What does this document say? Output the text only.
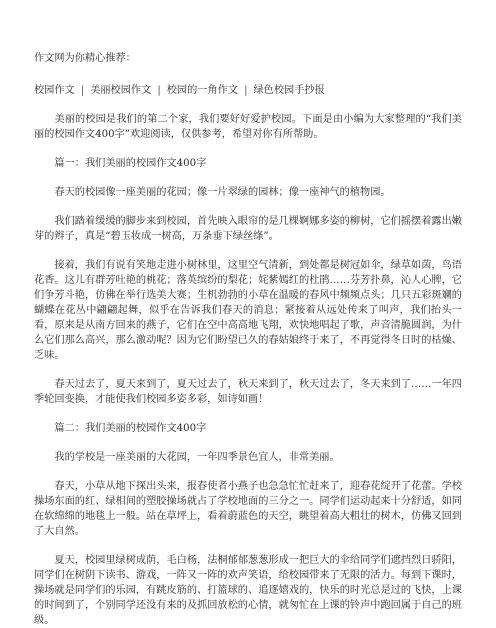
作文网为你精心推荐：

校园作文 | 美丽校园作文 | 校园的一角作文 | 绿色校园手抄报

美丽的校园是我们的第二个家，我们要好好爱护校园。下面是由小编为大家整理的“我们美丽的校园作文400字”欢迎阅读，仅供参考，希望对你有所帮助。

篇一：我们美丽的校园作文400字

春天的校园像一座美丽的花园；像一片翠绿的园林；像一座神气的植物园。

我们踏着缓缓的脚步来到校园，首先映入眼帘的是几棵婀娜多姿的柳树，它们摇摆着露出嫩芽的辫子，真是“碧玉妆成一树高，万条垂下绿丝绦”。

接着，我们有说有笑地走进小树林里，这里空气清新，到处都是树冠如伞，绿草如茵，鸟语花香。这儿有群芳吐艳的桃花；落英缤纷的梨花；姹紫嫣红的杜鹃……芬芳扑鼻，沁人心脾，它们争芳斗艳，仿佛在举行选美大赛；生机勃勃的小草在温暖的春风中频频点头；几只五彩斑斓的蝴蝶在花丛中翩翩起舞，似乎在告诉我们春天的消息；紧接着从远处传来了叫声，我们抬头一看，原来是从南方回来的燕子，它们在空中高高地飞翔，欢快地唱起了歌，声音清脆圆润，为什么它们那么高兴，那么激动呢？因为它们盼望已久的春姑娘终于来了，不再觉得冬日时的枯燥、乏味。

春天过去了，夏天来到了，夏天过去了，秋天来到了，秋天过去了，冬天来到了……一年四季轮回变换，才能使我们校园多姿多彩，如诗如画！

篇二：我们美丽的校园作文400字

我的学校是一座美丽的大花园，一年四季景色宜人，非常美丽。

春天，小草从地下探出头来，报春使者小燕子也急急忙忙赶来了，迎春花绽开了花蕾。学校操场东面的红、绿相间的塑胶操场就占了学校地面的三分之一。同学们运动起来十分舒适，如同在软绵绵的地毯上一般。站在草坪上，看着蔚蓝色的天空，眺望着高大粗壮的树木，仿佛又回到了大自然。

夏天，校园里绿树成荫，毛白杨，法桐郁郁葱葱形成一把巨大的伞给同学们遮挡烈日骄阳，同学们在树阴下读书、游戏，一阵又一阵的欢声笑语，给校园带来了无限的活力。每到下课时，操场就是同学们的乐园，有跳皮筋的、打篮球的、追逐嬉戏的，快乐的时光总是过的飞快，上课的时间到了，个别同学还没有来的及抓回放松的心情，就匆忙在上课的铃声中跑回属于自己的班级。
